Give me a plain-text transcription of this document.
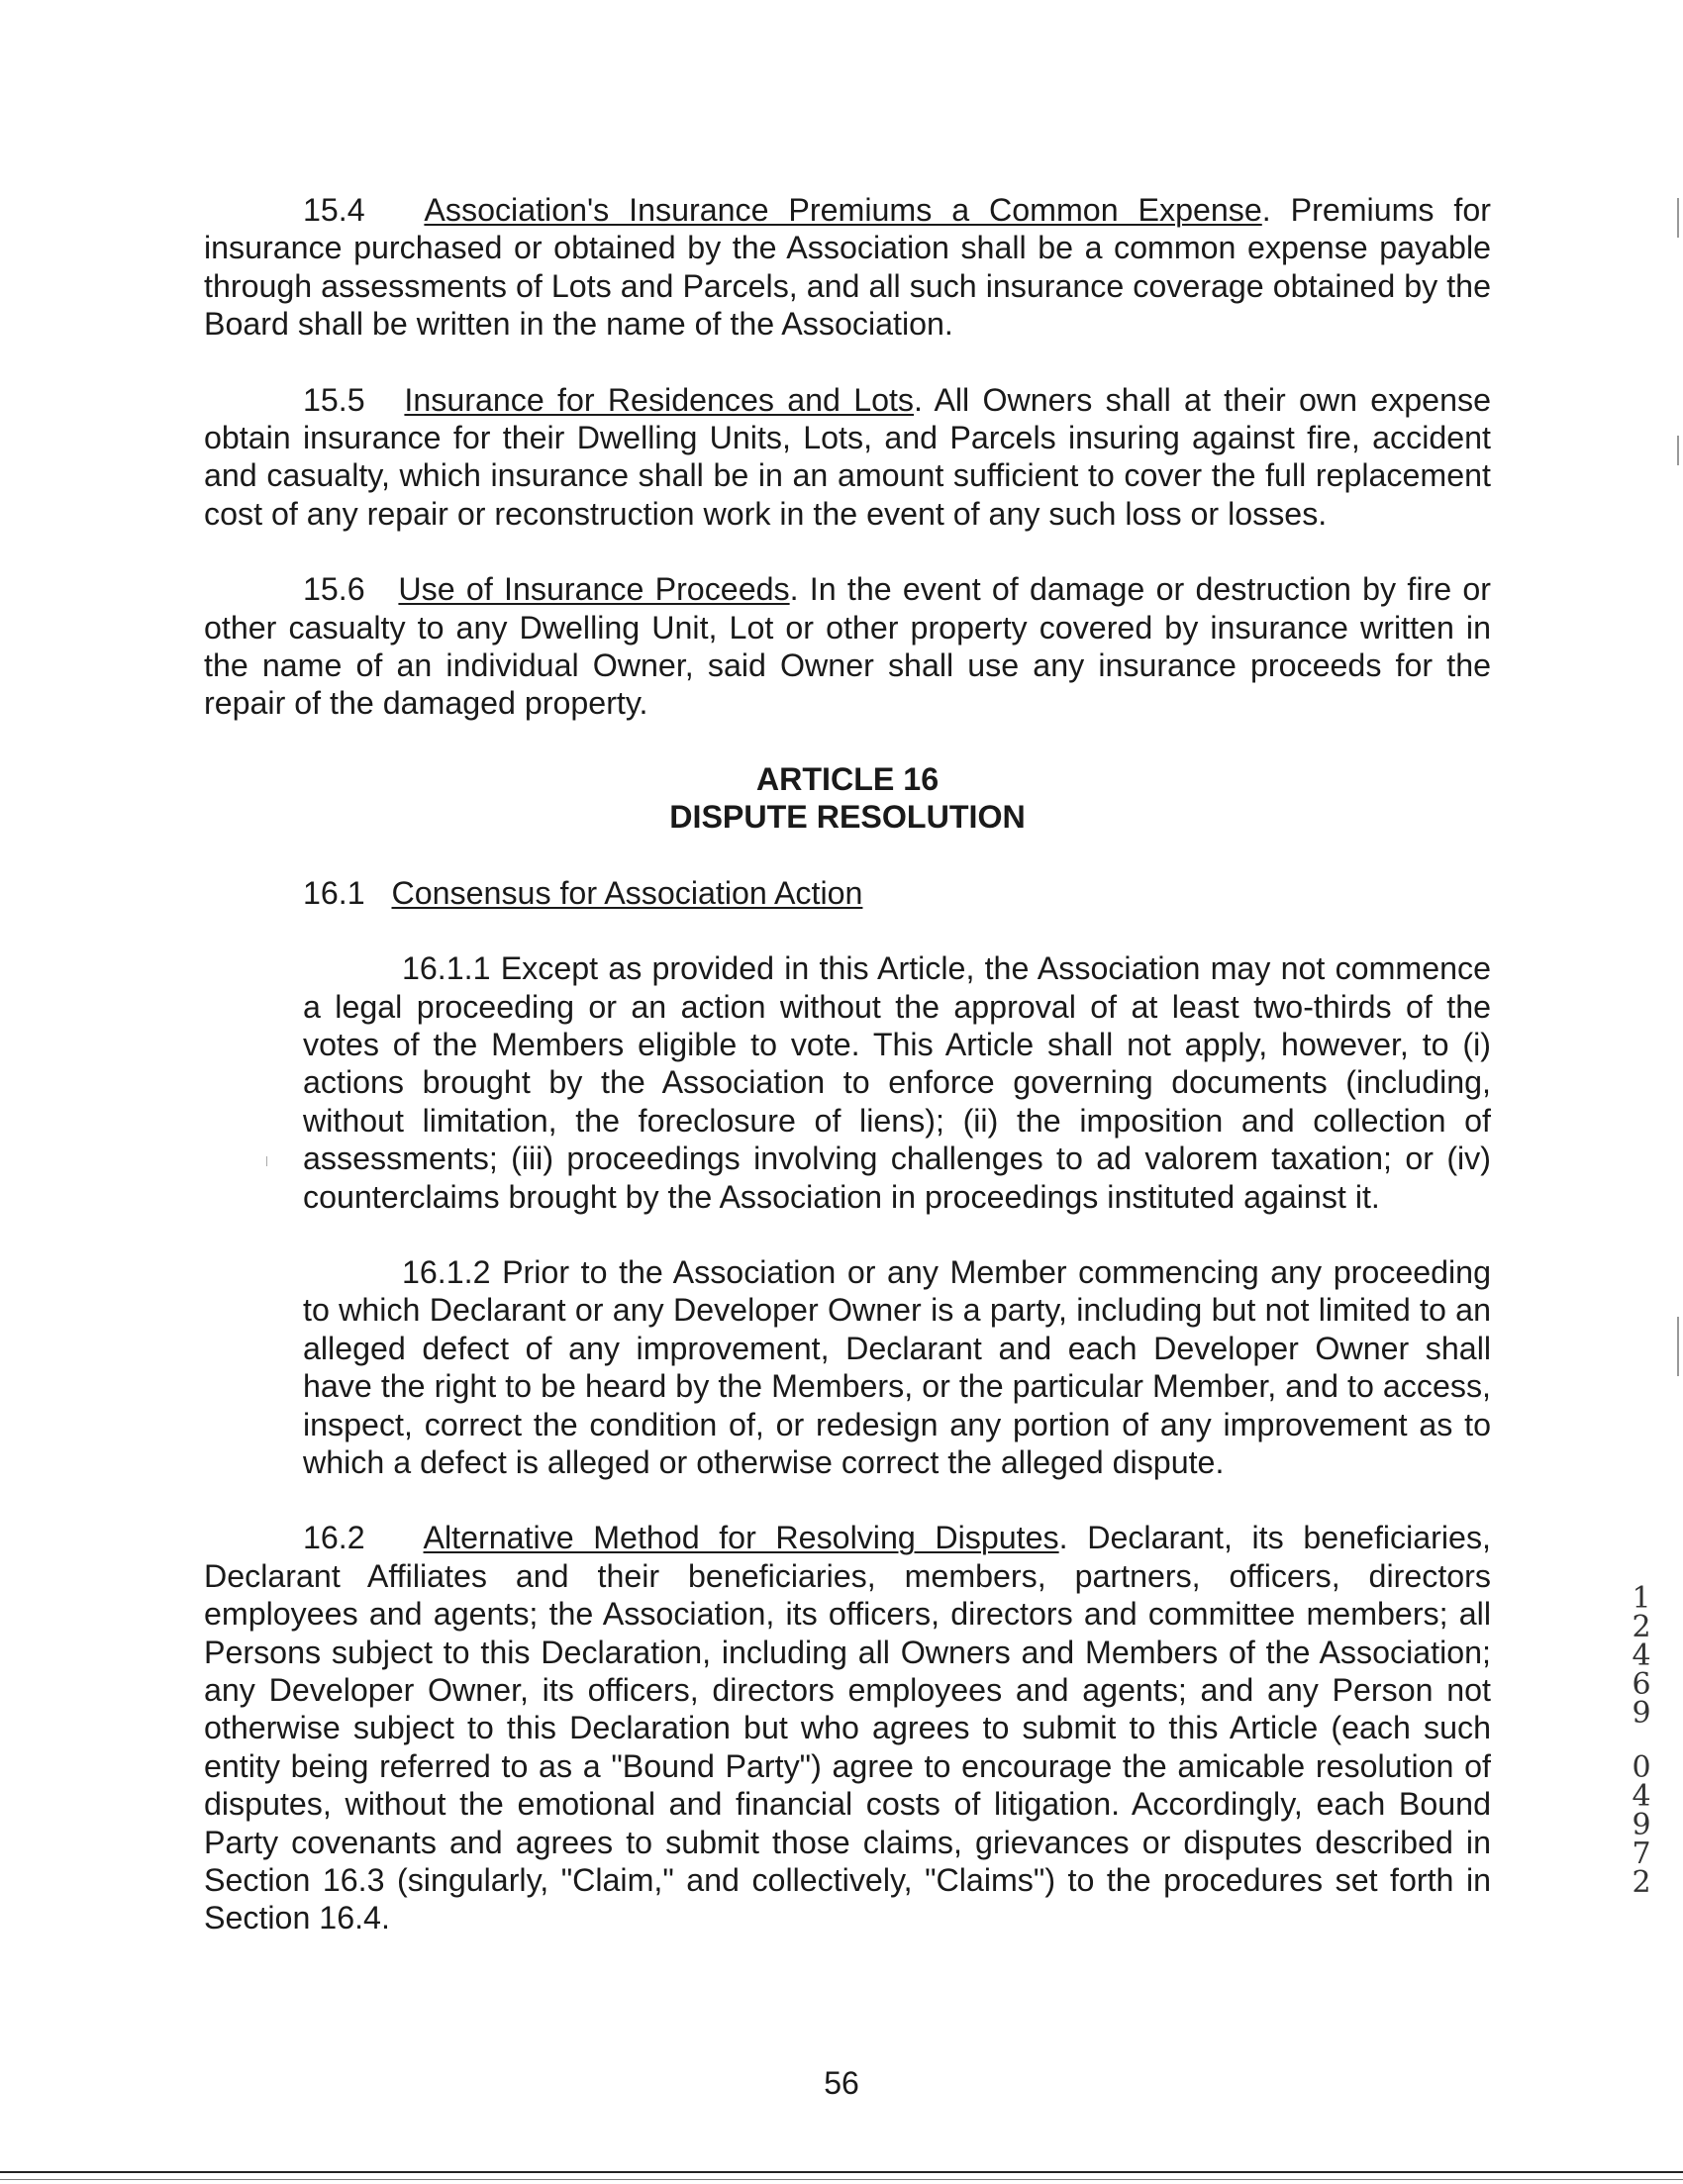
15.4 Association's Insurance Premiums a Common Expense. Premiums for insurance purchased or obtained by the Association shall be a common expense payable through assessments of Lots and Parcels, and all such insurance coverage obtained by the Board shall be written in the name of the Association.

15.5 Insurance for Residences and Lots. All Owners shall at their own expense obtain insurance for their Dwelling Units, Lots, and Parcels insuring against fire, accident and casualty, which insurance shall be in an amount sufficient to cover the full replacement cost of any repair or reconstruction work in the event of any such loss or losses.

15.6 Use of Insurance Proceeds. In the event of damage or destruction by fire or other casualty to any Dwelling Unit, Lot or other property covered by insurance written in the name of an individual Owner, said Owner shall use any insurance proceeds for the repair of the damaged property.

ARTICLE 16
DISPUTE RESOLUTION

16.1 Consensus for Association Action

16.1.1 Except as provided in this Article, the Association may not commence a legal proceeding or an action without the approval of at least two-thirds of the votes of the Members eligible to vote. This Article shall not apply, however, to (i) actions brought by the Association to enforce governing documents (including, without limitation, the foreclosure of liens); (ii) the imposition and collection of assessments; (iii) proceedings involving challenges to ad valorem taxation; or (iv) counterclaims brought by the Association in proceedings instituted against it.

16.1.2 Prior to the Association or any Member commencing any proceeding to which Declarant or any Developer Owner is a party, including but not limited to an alleged defect of any improvement, Declarant and each Developer Owner shall have the right to be heard by the Members, or the particular Member, and to access, inspect, correct the condition of, or redesign any portion of any improvement as to which a defect is alleged or otherwise correct the alleged dispute.

16.2 Alternative Method for Resolving Disputes. Declarant, its beneficiaries, Declarant Affiliates and their beneficiaries, members, partners, officers, directors employees and agents; the Association, its officers, directors and committee members; all Persons subject to this Declaration, including all Owners and Members of the Association; any Developer Owner, its officers, directors employees and agents; and any Person not otherwise subject to this Declaration but who agrees to submit to this Article (each such entity being referred to as a "Bound Party") agree to encourage the amicable resolution of disputes, without the emotional and financial costs of litigation. Accordingly, each Bound Party covenants and agrees to submit those claims, grievances or disputes described in Section 16.3 (singularly, "Claim," and collectively, "Claims") to the procedures set forth in Section 16.4.

56
1
2
4
6
9
0
4
9
7
2
